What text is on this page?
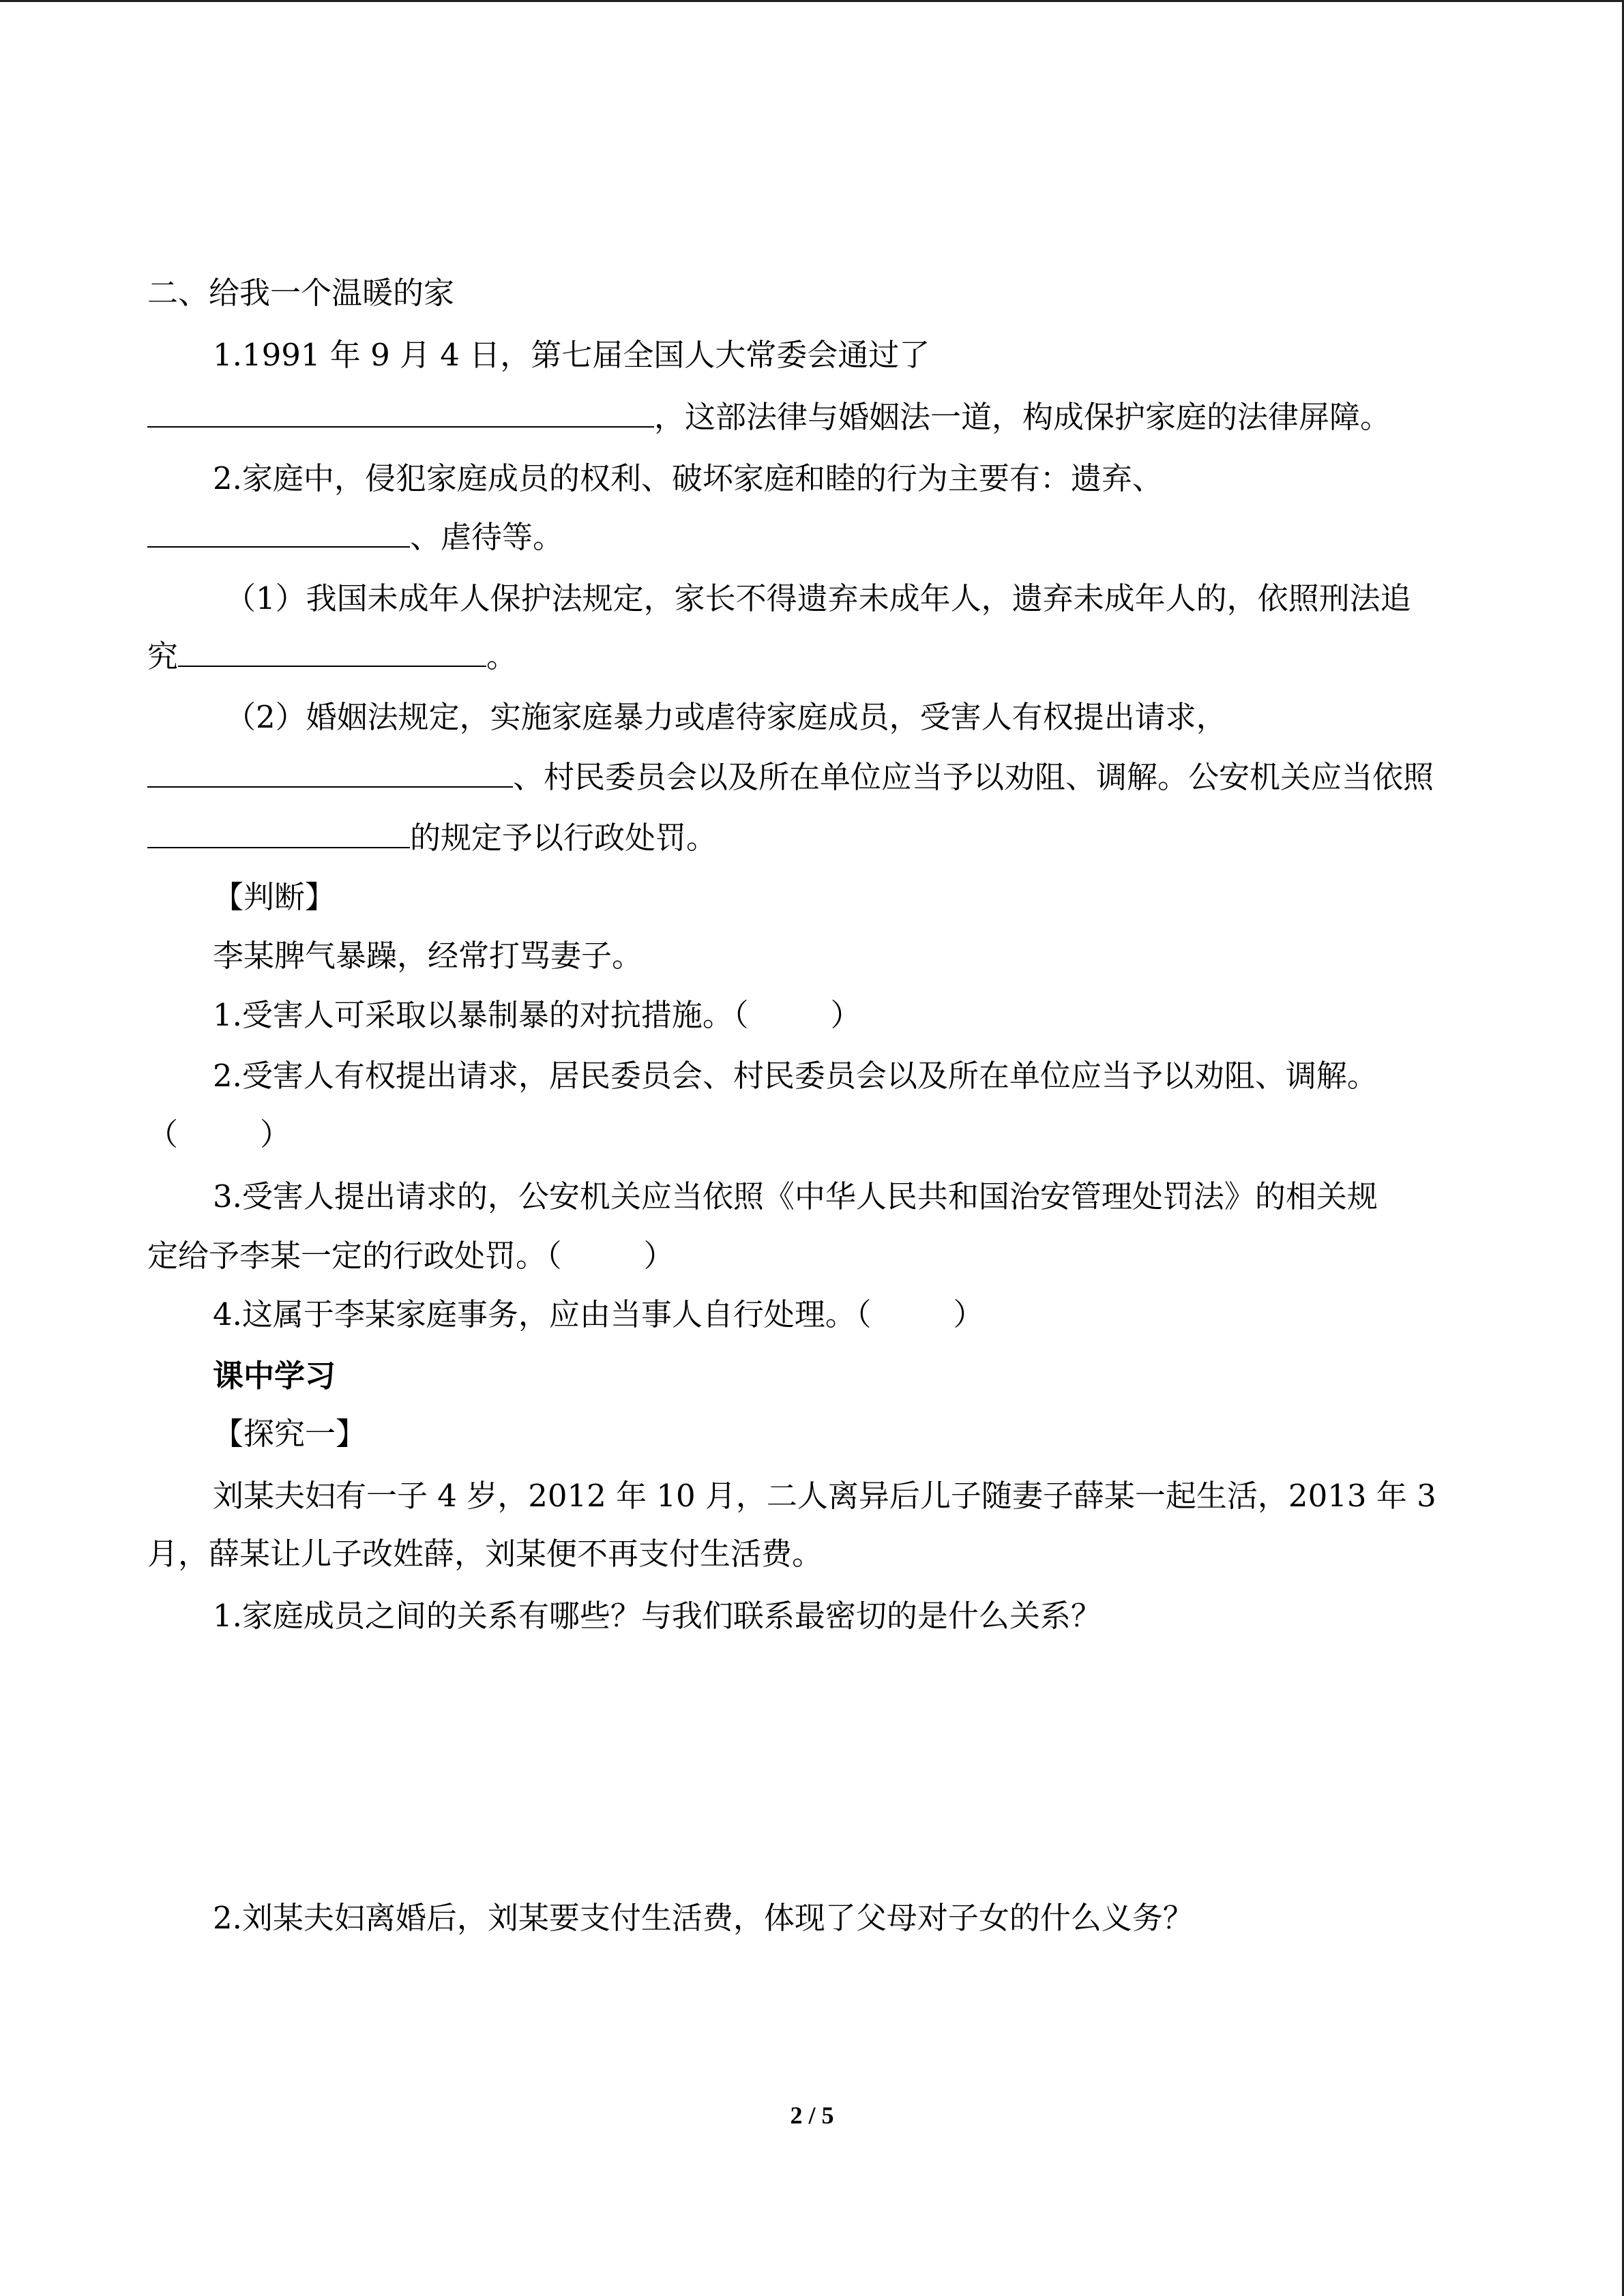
二、给我一个温暖的家
1.1991 年 9 月 4 日，第七届全国人大常委会通过了
，这部法律与婚姻法一道，构成保护家庭的法律屏障。
2.家庭中，侵犯家庭成员的权利、破坏家庭和睦的行为主要有：遗弃、
、虐待等。
（1）我国未成年人保护法规定，家长不得遗弃未成年人，遗弃未成年人的，依照刑法追
究	。
（2）婚姻法规定，实施家庭暴力或虐待家庭成员，受害人有权提出请求，
、村民委员会以及所在单位应当予以劝阻、调解。公安机关应当依照
的规定予以行政处罚。
【判断】
李某脾气暴躁，经常打骂妻子。
1.受害人可采取以暴制暴的对抗措施。（	）
2.受害人有权提出请求，居民委员会、村民委员会以及所在单位应当予以劝阻、调解。
（	）
3.受害人提出请求的，公安机关应当依照《中华人民共和国治安管理处罚法》的相关规
定给予李某一定的行政处罚。（	）
4.这属于李某家庭事务，应由当事人自行处理。（	）
课中学习
【探究一】
刘某夫妇有一子 4 岁，2012 年 10 月，二人离异后儿子随妻子薛某一起生活，2013 年 3
月，薛某让儿子改姓薛，刘某便不再支付生活费。
1.家庭成员之间的关系有哪些？与我们联系最密切的是什么关系？
2.刘某夫妇离婚后，刘某要支付生活费，体现了父母对子女的什么义务？
2 / 5
